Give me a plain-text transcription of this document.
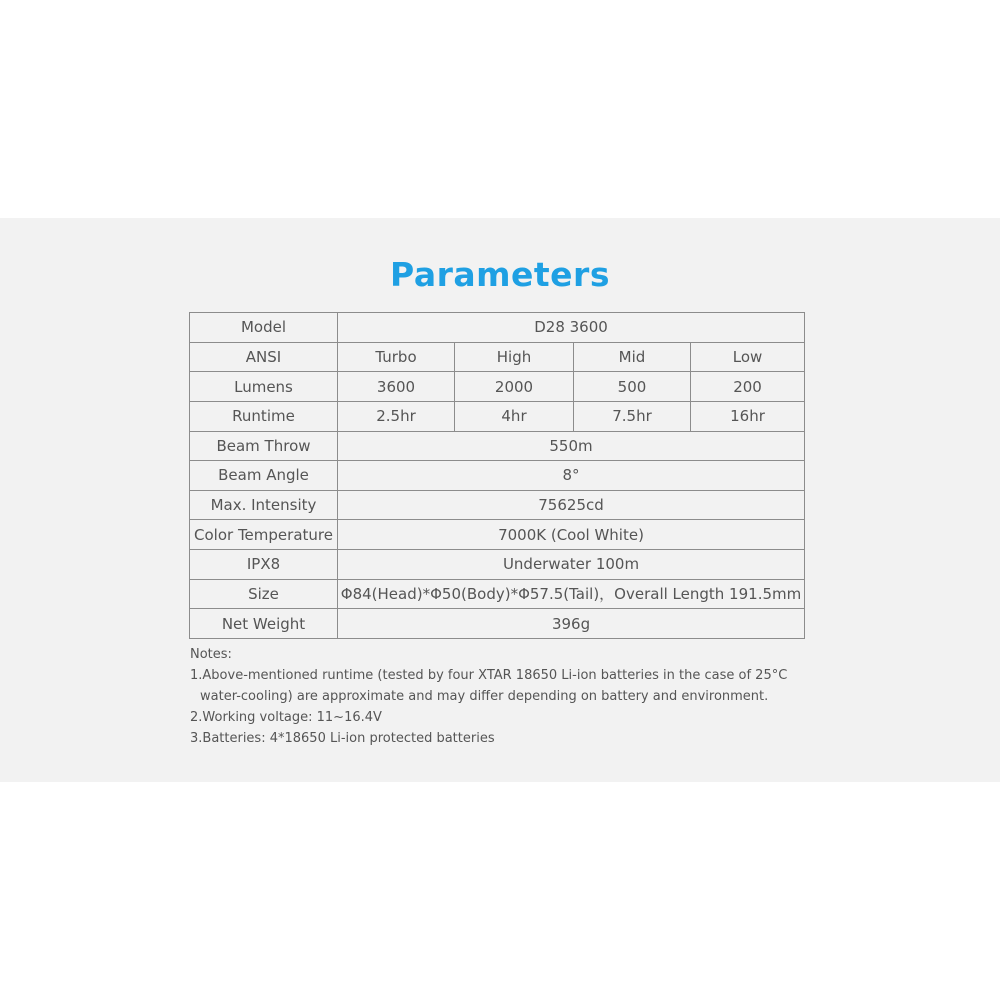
Parameters
Model	D28 3600			
ANSI	Turbo	High	Mid	Low
Lumens	3600	2000	500	200
Runtime	2.5hr	4hr	7.5hr	16hr
Beam Throw	550m			
Beam Angle	8°			
Max. Intensity	75625cd			
Color Temperature	7000K (Cool White)			
IPX8	Underwater 100m			
Size	Φ84(Head)*Φ50(Body)*Φ57.5(Tail)，Overall Length 191.5mm			
Net Weight	396g			
Notes:
1.Above-mentioned runtime (tested by four XTAR 18650 Li-ion batteries in the case of 25°C
water-cooling) are approximate and may differ depending on battery and environment.
2.Working voltage: 11~16.4V
3.Batteries: 4*18650 Li-ion protected batteries
